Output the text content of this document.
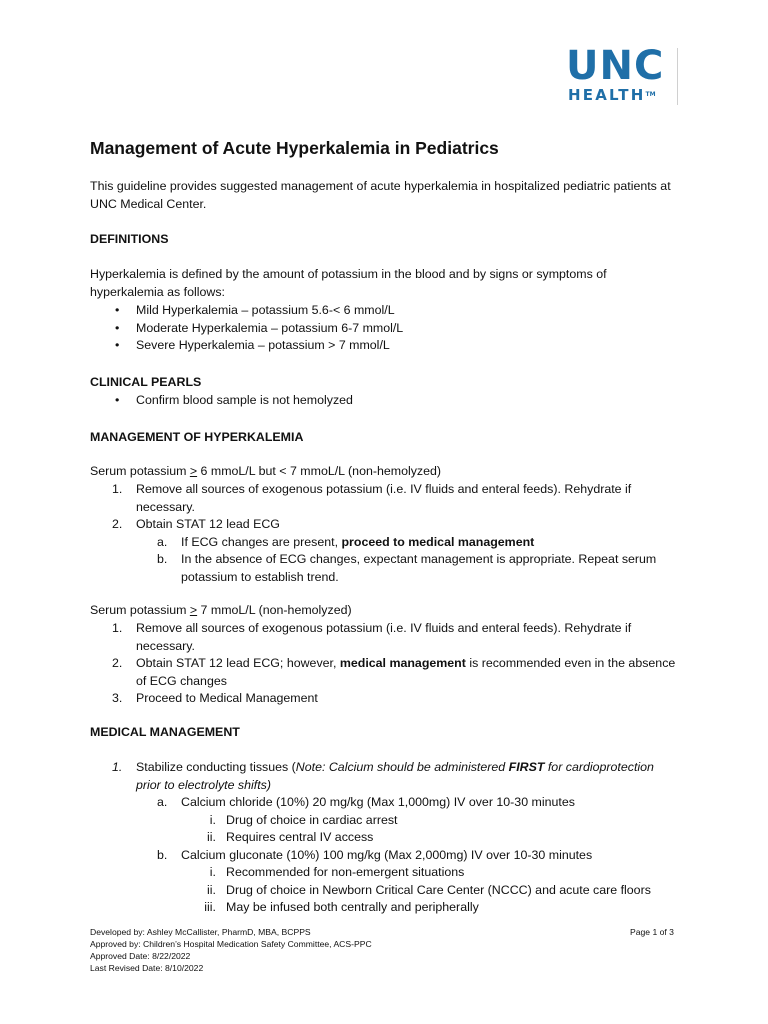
UNC
HEALTHTM
Management of Acute Hyperkalemia in Pediatrics
This guideline provides suggested management of acute hyperkalemia in hospitalized pediatric patients at UNC Medical Center.
DEFINITIONS
Hyperkalemia is defined by the amount of potassium in the blood and by signs or symptoms of hyperkalemia as follows:
• Mild Hyperkalemia – potassium 5.6-< 6 mmol/L
• Moderate Hyperkalemia – potassium 6-7 mmol/L
• Severe Hyperkalemia – potassium > 7 mmol/L
CLINICAL PEARLS
• Confirm blood sample is not hemolyzed
MANAGEMENT OF HYPERKALEMIA
Serum potassium ≥ 6 mmoL/L but < 7 mmoL/L (non-hemolyzed)
1. Remove all sources of exogenous potassium (i.e. IV fluids and enteral feeds). Rehydrate if necessary.
2. Obtain STAT 12 lead ECG
a. If ECG changes are present, proceed to medical management
b. In the absence of ECG changes, expectant management is appropriate. Repeat serum potassium to establish trend.
Serum potassium ≥ 7 mmoL/L (non-hemolyzed)
1. Remove all sources of exogenous potassium (i.e. IV fluids and enteral feeds). Rehydrate if necessary.
2. Obtain STAT 12 lead ECG; however, medical management is recommended even in the absence of ECG changes
3. Proceed to Medical Management
MEDICAL MANAGEMENT
1. Stabilize conducting tissues (Note: Calcium should be administered FIRST for cardioprotection prior to electrolyte shifts)
a. Calcium chloride (10%) 20 mg/kg (Max 1,000mg) IV over 10-30 minutes
i. Drug of choice in cardiac arrest
ii. Requires central IV access
b. Calcium gluconate (10%) 100 mg/kg (Max 2,000mg) IV over 10-30 minutes
i. Recommended for non-emergent situations
ii. Drug of choice in Newborn Critical Care Center (NCCC) and acute care floors
iii. May be infused both centrally and peripherally
Developed by: Ashley McCallister, PharmD, MBA, BCPPS
Approved by: Children’s Hospital Medication Safety Committee, ACS-PPC
Approved Date: 8/22/2022
Last Revised Date: 8/10/2022
Page 1 of 3
